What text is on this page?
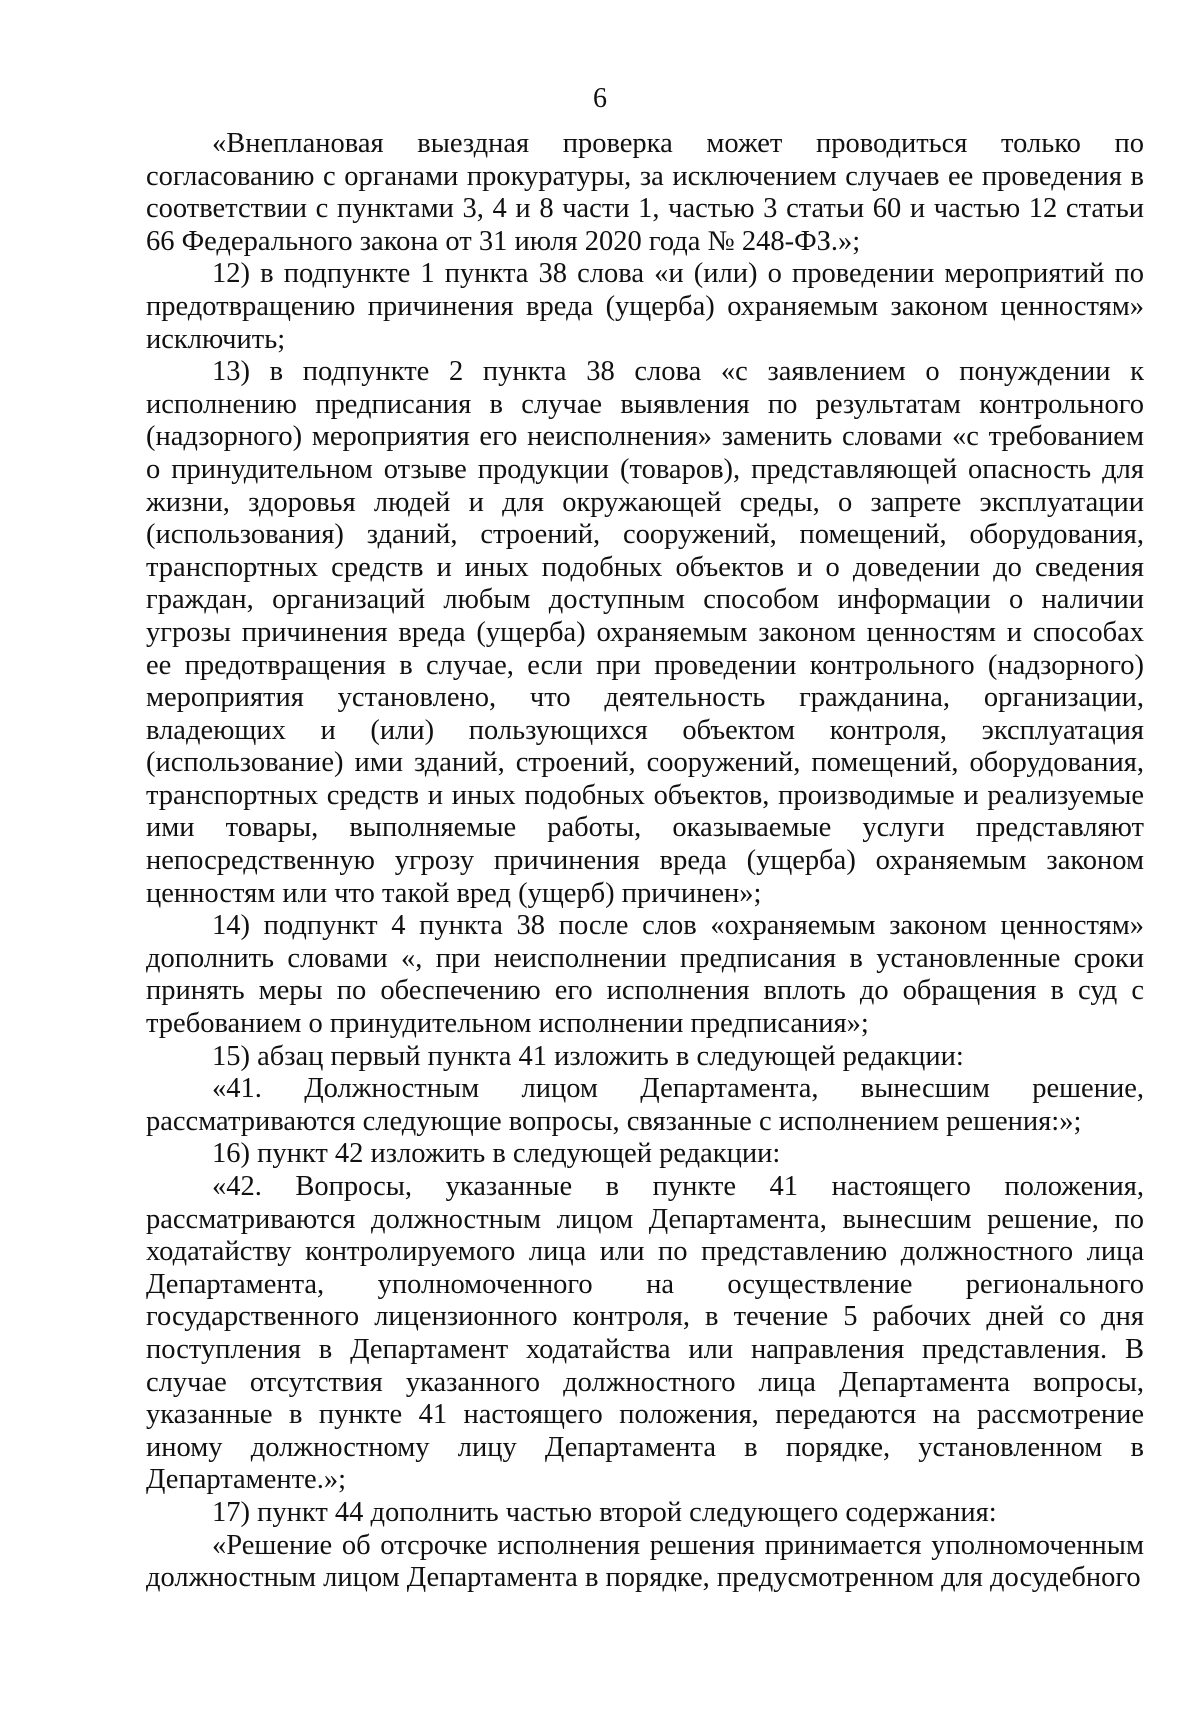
6

«Внеплановая выездная проверка может проводиться только по согласованию с органами прокуратуры, за исключением случаев ее проведения в соответствии с пунктами 3, 4 и 8 части 1, частью 3 статьи 60 и частью 12 статьи 66 Федерального закона от 31 июля 2020 года № 248-ФЗ.»;

12) в подпункте 1 пункта 38 слова «и (или) о проведении мероприятий по предотвращению причинения вреда (ущерба) охраняемым законом ценностям» исключить;

13) в подпункте 2 пункта 38 слова «с заявлением о понуждении к исполнению предписания в случае выявления по результатам контрольного (надзорного) мероприятия его неисполнения» заменить словами «с требованием о принудительном отзыве продукции (товаров), представляющей опасность для жизни, здоровья людей и для окружающей среды, о запрете эксплуатации (использования) зданий, строений, сооружений, помещений, оборудования, транспортных средств и иных подобных объектов и о доведении до сведения граждан, организаций любым доступным способом информации о наличии угрозы причинения вреда (ущерба) охраняемым законом ценностям и способах ее предотвращения в случае, если при проведении контрольного (надзорного) мероприятия установлено, что деятельность гражданина, организации, владеющих и (или) пользующихся объектом контроля, эксплуатация (использование) ими зданий, строений, сооружений, помещений, оборудования, транспортных средств и иных подобных объектов, производимые и реализуемые ими товары, выполняемые работы, оказываемые услуги представляют непосредственную угрозу причинения вреда (ущерба) охраняемым законом ценностям или что такой вред (ущерб) причинен»;

14) подпункт 4 пункта 38 после слов «охраняемым законом ценностям» дополнить словами «, при неисполнении предписания в установленные сроки принять меры по обеспечению его исполнения вплоть до обращения в суд с требованием о принудительном исполнении предписания»;

15) абзац первый пункта 41 изложить в следующей редакции:

«41. Должностным лицом Департамента, вынесшим решение, рассматриваются следующие вопросы, связанные с исполнением решения:»;

16) пункт 42 изложить в следующей редакции:

«42. Вопросы, указанные в пункте 41 настоящего положения, рассматриваются должностным лицом Департамента, вынесшим решение, по ходатайству контролируемого лица или по представлению должностного лица Департамента, уполномоченного на осуществление регионального государственного лицензионного контроля, в течение 5 рабочих дней со дня поступления в Департамент ходатайства или направления представления. В случае отсутствия указанного должностного лица Департамента вопросы, указанные в пункте 41 настоящего положения, передаются на рассмотрение иному должностному лицу Департамента в порядке, установленном в Департаменте.»;

17) пункт 44 дополнить частью второй следующего содержания:

«Решение об отсрочке исполнения решения принимается уполномоченным должностным лицом Департамента в порядке, предусмотренном для досудебного
